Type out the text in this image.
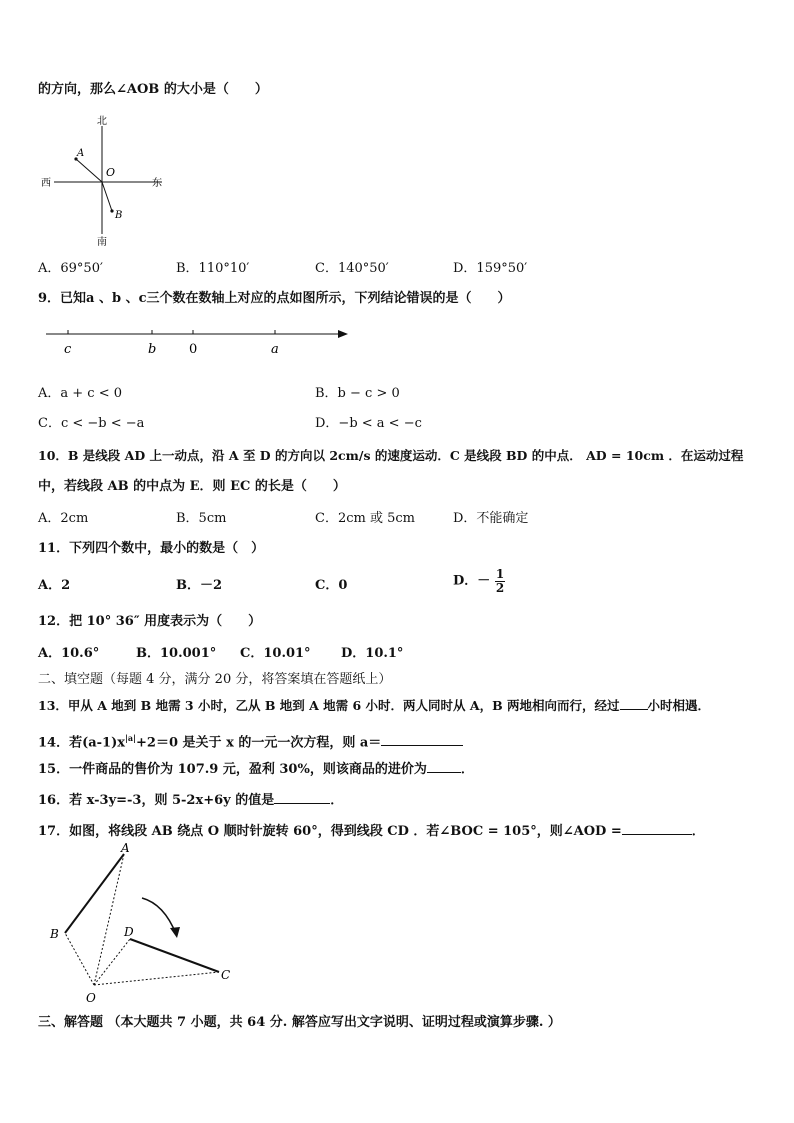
的方向，那么∠AOB 的大小是（　　）
北
南
西	东
A
O
B
A．69°50′	B．110°10′	C．140°50′	D．159°50′
9．已知a 、b 、c三个数在数轴上对应的点如图所示，下列结论错误的是（　　）
c	b	0	a
A．a + c < 0	B．b − c > 0
C．c < −b < −a	D．−b < a < −c
10．B 是线段 AD 上一动点，沿 A 至 D 的方向以 2cm/s 的速度运动．C 是线段 BD 的中点． AD = 10cm ．在运动过程
中，若线段 AB 的中点为 E．则 EC 的长是（　　）
A．2cm	B．5cm	C．2cm 或 5cm	D．不能确定
11．下列四个数中，最小的数是（　）
A．2	B．－2	C．0	D．－ $\frac{1}{2}$
12．把 10° 36″ 用度表示为（　　）
A．10.6°	B．10.001° C．10.01° D．10.1°
二、填空题（每题 4 分，满分 20 分，将答案填在答题纸上）
13．甲从 A 地到 B 地需 3 小时，乙从 B 地到 A 地需 6 小时．两人同时从 A，B 两地相向而行，经过 小时相遇．
14．若$(a-1)x^{|a|}+2=0$ 是关于 x 的一元一次方程，则 a＝
15．一件商品的售价为 107.9 元，盈利 30%，则该商品的进价为	．
16．若 x-3y=-3，则 5-2x+6y 的值是	．
17．如图，将线段 AB 绕点 O 顺时针旋转 60°，得到线段 CD ．若∠BOC = 105°，则∠AOD =	．
A
B	D
C
O
三、解答题 （本大题共 7 小题，共 64 分. 解答应写出文字说明、证明过程或演算步骤. ）
